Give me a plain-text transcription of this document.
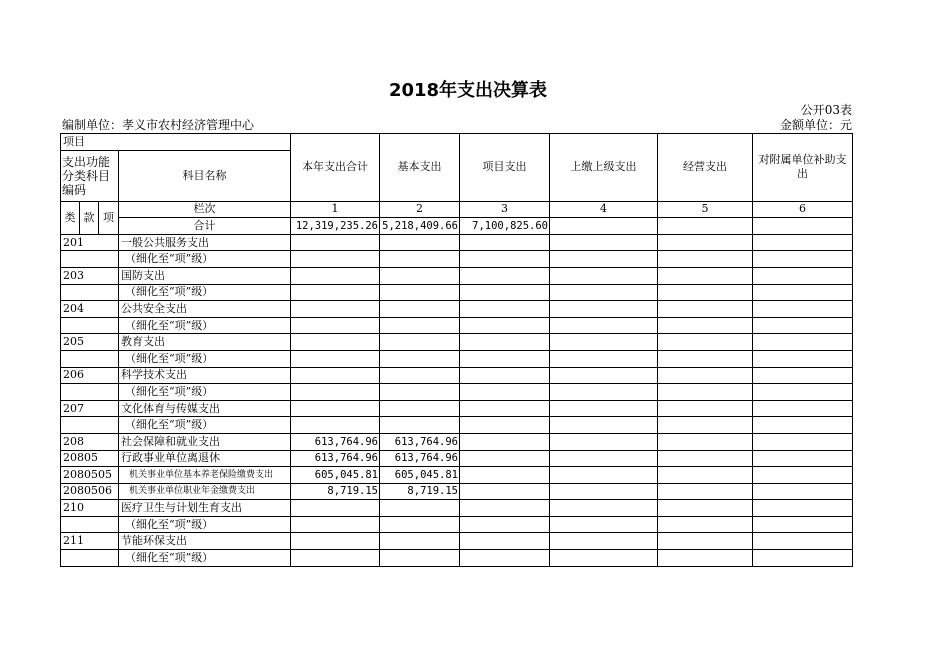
2018年支出决算表
公开03表
编制单位：孝义市农村经济管理中心	金额单位：元
项目				本年支出合计	基本支出	项目支出	上缴上级支出	经营支出	对附属单位补助支出
支出功能分类科目编码			科目名称						

类	款	项	栏次	1	2	3	4	5	6
			合计	12,319,235.26	5,218,409.66	7,100,825.60			
201			一般公共服务支出						
			（细化至“项”级）						
203			国防支出						
			（细化至“项”级）						
204			公共安全支出						
			（细化至“项”级）						
205			教育支出						
			（细化至“项”级）						
206			科学技术支出						
			（细化至“项”级）						
207			文化体育与传媒支出						
			（细化至“项”级）						
208			社会保障和就业支出	613,764.96	613,764.96				
20805			行政事业单位离退休	613,764.96	613,764.96				
2080505			机关事业单位基本养老保险缴费支出	605,045.81	605,045.81				
2080506			机关事业单位职业年金缴费支出	8,719.15	8,719.15				
210			医疗卫生与计划生育支出						
			（细化至“项”级）						
211			节能环保支出						
			（细化至“项”级）						
